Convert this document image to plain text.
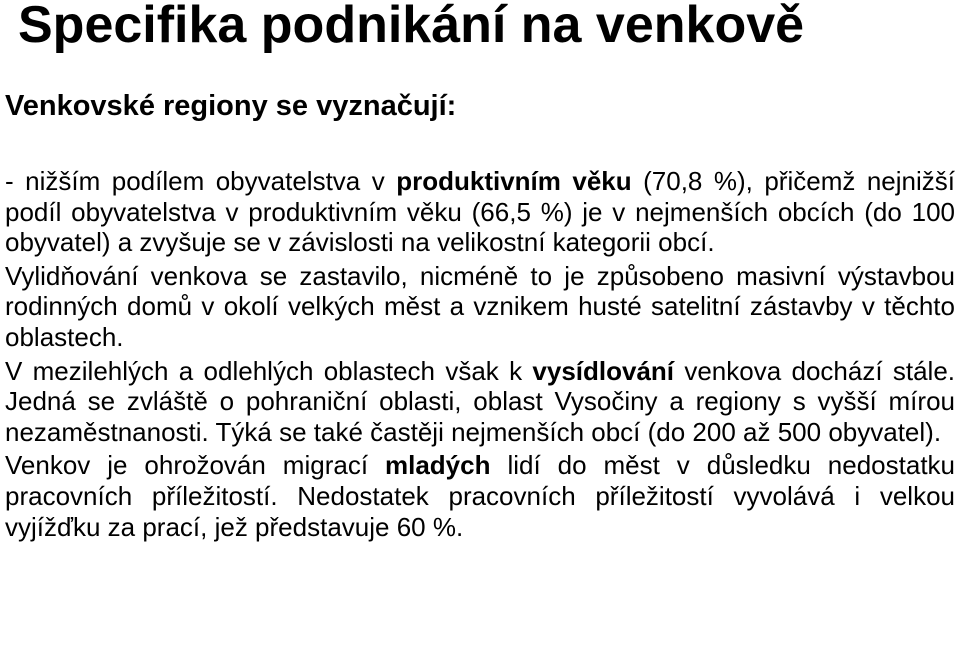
Specifika podnikání na venkově
Venkovské regiony se vyznačují:

- nižším podílem obyvatelstva v produktivním věku (70,8 %), přičemž nejnižší podíl obyvatelstva v produktivním věku (66,5 %) je v nejmenších obcích (do 100 obyvatel) a zvyšuje se v závislosti na velikostní kategorii obcí.

Vylidňování venkova se zastavilo, nicméně to je způsobeno masivní výstavbou rodinných domů v okolí velkých měst a vznikem husté satelitní zástavby v těchto oblastech.

V mezilehlých a odlehlých oblastech však k vysídlování venkova dochází stále. Jedná se zvláště o pohraniční oblasti, oblast Vysočiny a regiony s vyšší mírou nezaměstnanosti. Týká se také častěji nejmenších obcí (do 200 až 500 obyvatel).

Venkov je ohrožován migrací mladých lidí do měst v důsledku nedostatku pracovních příležitostí. Nedostatek pracovních příležitostí vyvolává i velkou vyjížďku za prací, jež představuje 60 %.
